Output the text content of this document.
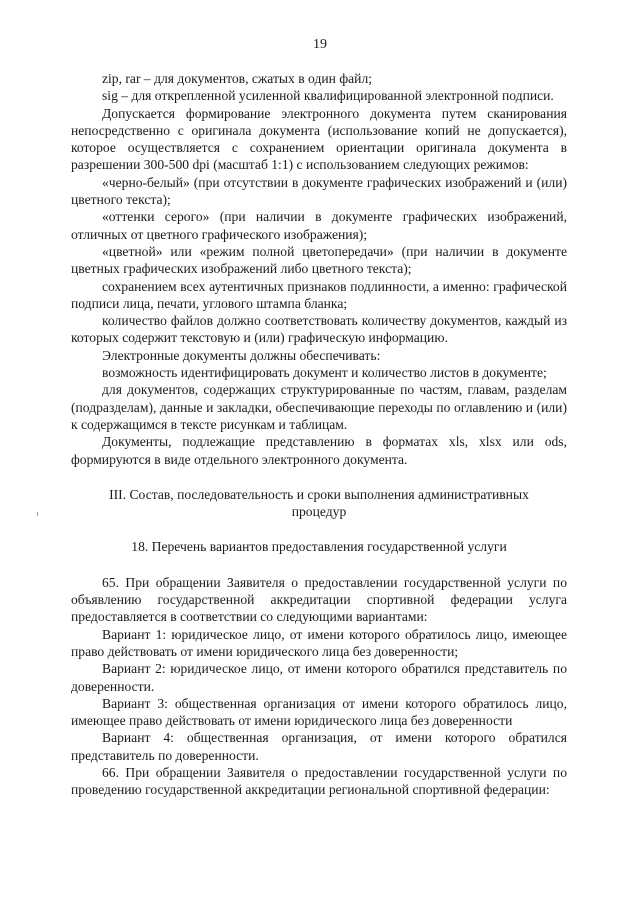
19

zip, rar – для документов, сжатых в один файл;

sig – для открепленной усиленной квалифицированной электронной подписи.

Допускается формирование электронного документа путем сканирования непосредственно с оригинала документа (использование копий не допускается), которое осуществляется с сохранением ориентации оригинала документа в разрешении 300-500 dpi (масштаб 1:1) с использованием следующих режимов:

«черно-белый» (при отсутствии в документе графических изображений и (или) цветного текста);

«оттенки серого» (при наличии в документе графических изображений, отличных от цветного графического изображения);

«цветной» или «режим полной цветопередачи» (при наличии в документе цветных графических изображений либо цветного текста);

сохранением всех аутентичных признаков подлинности, а именно: графической подписи лица, печати, углового штампа бланка;

количество файлов должно соответствовать количеству документов, каждый из которых содержит текстовую и (или) графическую информацию.

Электронные документы должны обеспечивать:

возможность идентифицировать документ и количество листов в документе;

для документов, содержащих структурированные по частям, главам, разделам (подразделам), данные и закладки, обеспечивающие переходы по оглавлению и (или) к содержащимся в тексте рисункам и таблицам.

Документы, подлежащие представлению в форматах xls, xlsx или ods, формируются в виде отдельного электронного документа.

III. Состав, последовательность и сроки выполнения административных процедур

18. Перечень вариантов предоставления государственной услуги

65. При обращении Заявителя о предоставлении государственной услуги по объявлению государственной аккредитации спортивной федерации услуга предоставляется в соответствии со следующими вариантами:

Вариант 1: юридическое лицо, от имени которого обратилось лицо, имеющее право действовать от имени юридического лица без доверенности;

Вариант 2: юридическое лицо, от имени которого обратился представитель по доверенности.

Вариант 3: общественная организация от имени которого обратилось лицо, имеющее право действовать от имени юридического лица без доверенности

Вариант 4: общественная организация, от имени которого обратился представитель по доверенности.

66. При обращении Заявителя о предоставлении государственной услуги по проведению государственной аккредитации региональной спортивной федерации:
